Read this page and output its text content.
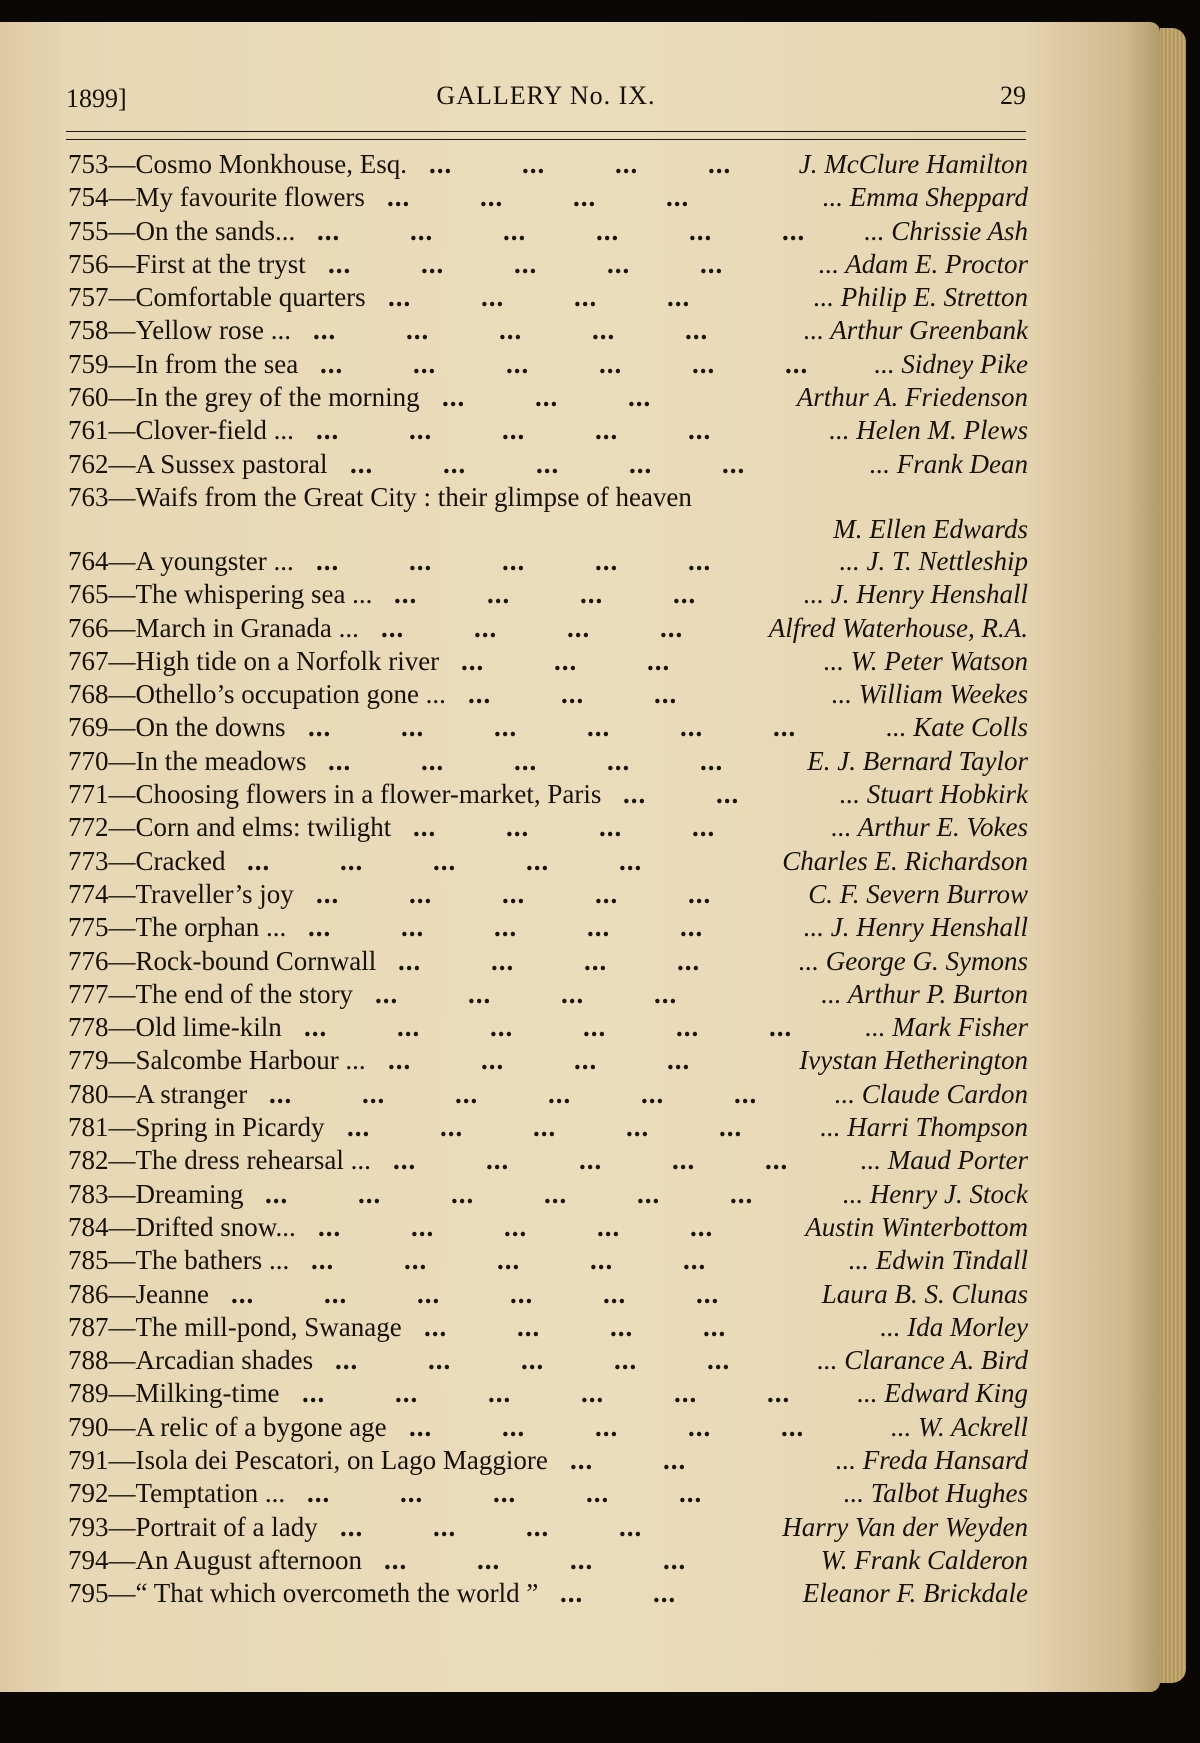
1899]	GALLERY No. IX.	29
...         ...         ...         ...
753—Cosmo Monkhouse, Esq.	J. McClure Hamilton
...         ...         ...         ...
754—My favourite flowers	... Emma Sheppard
...         ...         ...         ...         ...         ...
755—On the sands...	... Chrissie Ash
...         ...         ...         ...         ...
756—First at the tryst	... Adam E. Proctor
...         ...         ...         ...
757—Comfortable quarters	... Philip E. Stretton
...         ...         ...         ...         ...
758—Yellow rose ...	... Arthur Greenbank
...         ...         ...         ...         ...         ...
759—In from the sea	... Sidney Pike
...         ...         ...
760—In the grey of the morning	Arthur A. Friedenson
...         ...         ...         ...         ...
761—Clover-field ...	... Helen M. Plews
...         ...         ...         ...         ...
762—A Sussex pastoral	... Frank Dean
763—Waifs from the Great City : their glimpse of heaven
M. Ellen Edwards
...         ...         ...         ...         ...
764—A youngster ...	... J. T. Nettleship
...         ...         ...         ...
765—The whispering sea ...	... J. Henry Henshall
...         ...         ...         ...
766—March in Granada ...	Alfred Waterhouse, R.A.
...         ...         ...
767—High tide on a Norfolk river	... W. Peter Watson
...         ...         ...
768—Othello’s occupation gone ...	... William Weekes
...         ...         ...         ...         ...         ...
769—On the downs	... Kate Colls
...         ...         ...         ...         ...
770—In the meadows	E. J. Bernard Taylor
...         ...
771—Choosing flowers in a flower-market, Paris	... Stuart Hobkirk
...         ...         ...         ...
772—Corn and elms: twilight	... Arthur E. Vokes
...         ...         ...         ...         ...
773—Cracked	Charles E. Richardson
...         ...         ...         ...         ...
774—Traveller’s joy	C. F. Severn Burrow
...         ...         ...         ...         ...
775—The orphan ...	... J. Henry Henshall
...         ...         ...         ...
776—Rock-bound Cornwall	... George G. Symons
...         ...         ...         ...
777—The end of the story	... Arthur P. Burton
...         ...         ...         ...         ...         ...
778—Old lime-kiln	... Mark Fisher
...         ...         ...         ...
779—Salcombe Harbour ...	Ivystan Hetherington
...         ...         ...         ...         ...         ...
780—A stranger	... Claude Cardon
...         ...         ...         ...         ...
781—Spring in Picardy	... Harri Thompson
...         ...         ...         ...         ...
782—The dress rehearsal ...	... Maud Porter
...         ...         ...         ...         ...         ...
783—Dreaming	... Henry J. Stock
...         ...         ...         ...         ...
784—Drifted snow...	Austin Winterbottom
...         ...         ...         ...         ...
785—The bathers ...	... Edwin Tindall
...         ...         ...         ...         ...         ...
786—Jeanne	Laura B. S. Clunas
...         ...         ...         ...
787—The mill-pond, Swanage	... Ida Morley
...         ...         ...         ...         ...
788—Arcadian shades	... Clarance A. Bird
...         ...         ...         ...         ...         ...
789—Milking-time	... Edward King
...         ...         ...         ...         ...
790—A relic of a bygone age	... W. Ackrell
...         ...
791—Isola dei Pescatori, on Lago Maggiore	... Freda Hansard
...         ...         ...         ...         ...
792—Temptation ...	... Talbot Hughes
...         ...         ...         ...
793—Portrait of a lady	Harry Van der Weyden
...         ...         ...         ...
794—An August afternoon	W. Frank Calderon
...         ...
795—“ That which overcometh the world ”	Eleanor F. Brickdale
